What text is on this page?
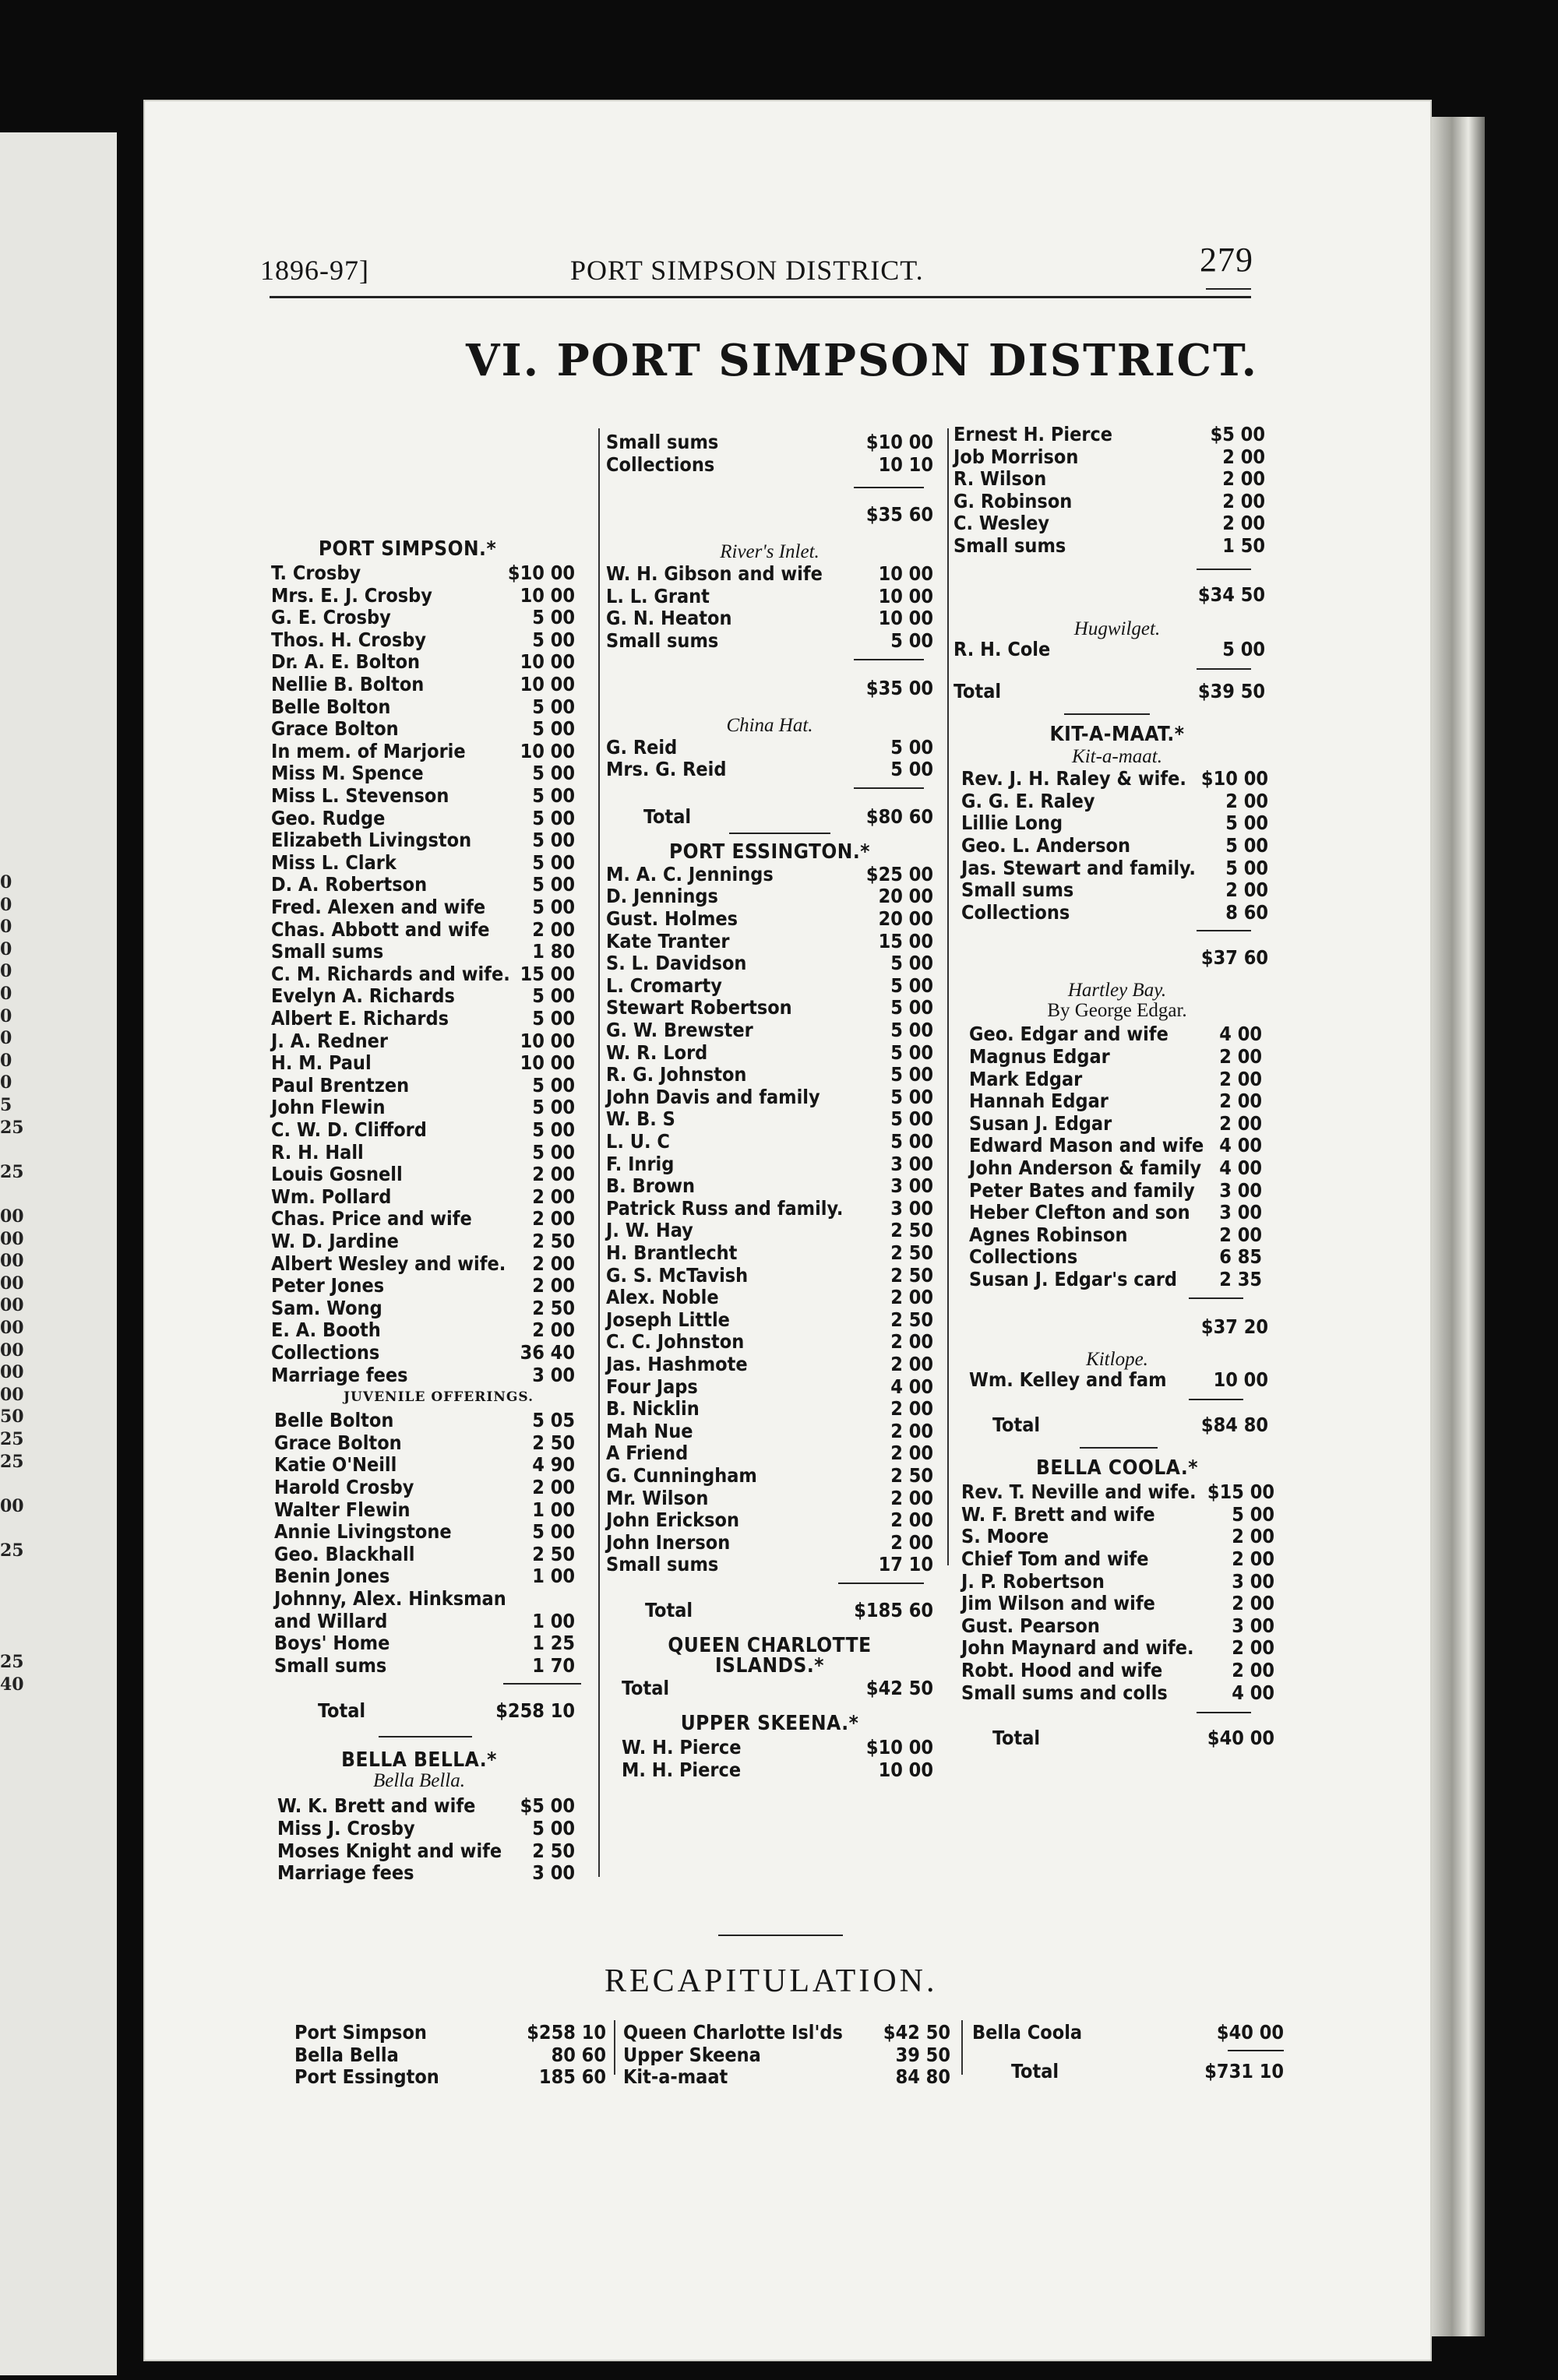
0
0
0
0
0
0
0
0
0
0
5
25
25
00
00
00
00
00
00
00
00
00
50
25
25
00
25
25
40
1896-97]	PORT SIMPSON DISTRICT.	279
VI. PORT SIMPSON DISTRICT.
PORT SIMPSON.*
T. Crosby	$10 00
Mrs. E. J. Crosby	10 00
G. E. Crosby	5 00
Thos. H. Crosby	5 00
Dr. A. E. Bolton	10 00
Nellie B. Bolton	10 00
Belle Bolton	5 00
Grace Bolton	5 00
In mem. of Marjorie	10 00
Miss M. Spence	5 00
Miss L. Stevenson	5 00
Geo. Rudge	5 00
Elizabeth Livingston	5 00
Miss L. Clark	5 00
D. A. Robertson	5 00
Fred. Alexen and wife 5 00
Chas. Abbott and wife 2 00
Small sums	1 80
C. M. Richards and wife. 15 00
Evelyn A. Richards	5 00
Albert E. Richards	5 00
J. A. Redner	10 00
H. M. Paul	10 00
Paul Brentzen	5 00
John Flewin	5 00
C. W. D. Clifford	5 00
R. H. Hall	5 00
Louis Gosnell	2 00
Wm. Pollard	2 00
Chas. Price and wife	2 00
W. D. Jardine	2 50
Albert Wesley and wife. 2 00
Peter Jones	2 00
Sam. Wong	2 50
E. A. Booth	2 00
Collections	36 40
Marriage fees	3 00
JUVENILE OFFERINGS.
Belle Bolton	5 05
Grace Bolton	2 50
Katie O'Neill	4 90
Harold Crosby	2 00
Walter Flewin	1 00
Annie Livingstone	5 00
Geo. Blackhall	2 50
Benin Jones	1 00
Johnny, Alex. Hinksman
and Willard	1 00
Boys' Home	1 25
Small sums	1 70
Total	$258 10
BELLA BELLA.*
Bella Bella.
W. K. Brett and wife $5 00
Miss J. Crosby	5 00
Moses Knight and wife 2 50
Marriage fees	3 00
Small sums	$10 00
Collections	10 10
$35 60
River's Inlet.
W. H. Gibson and wife	10 00
L. L. Grant	10 00
G. N. Heaton	10 00
Small sums	5 00
$35 00
China Hat.
G. Reid	5 00
Mrs. G. Reid	5 00
Total	$80 60
PORT ESSINGTON.*
M. A. C. Jennings	$25 00
D. Jennings	20 00
Gust. Holmes	20 00
Kate Tranter	15 00
S. L. Davidson	5 00
L. Cromarty	5 00
Stewart Robertson	5 00
G. W. Brewster	5 00
W. R. Lord	5 00
R. G. Johnston	5 00
John Davis and family	5 00
W. B. S	5 00
L. U. C	5 00
F. Inrig	3 00
B. Brown	3 00
Patrick Russ and family. 3 00
J. W. Hay	2 50
H. Brantlecht	2 50
G. S. McTavish	2 50
Alex. Noble	2 00
Joseph Little	2 50
C. C. Johnston	2 00
Jas. Hashmote	2 00
Four Japs	4 00
B. Nicklin	2 00
Mah Nue	2 00
A Friend	2 00
G. Cunningham	2 50
Mr. Wilson	2 00
John Erickson	2 00
John Inerson	2 00
Small sums	17 10
Total	$185 60
QUEEN CHARLOTTE
ISLANDS.*
Total	$42 50
UPPER SKEENA.*
W. H. Pierce	$10 00
M. H. Pierce	10 00
Ernest H. Pierce	$5 00
Job Morrison	2 00
R. Wilson	2 00
G. Robinson	2 00
C. Wesley	2 00
Small sums	1 50
$34 50
Hugwilget.
R. H. Cole	5 00
Total	$39 50
KIT-A-MAAT.*
Kit-a-maat.
Rev. J. H. Raley & wife. $10 00
G. G. E. Raley	2 00
Lillie Long	5 00
Geo. L. Anderson	5 00
Jas. Stewart and family. 5 00
Small sums	2 00
Collections	8 60
$37 60
Hartley Bay.
By George Edgar.
Geo. Edgar and wife	4 00
Magnus Edgar	2 00
Mark Edgar	2 00
Hannah Edgar	2 00
Susan J. Edgar	2 00
Edward Mason and wife 4 00
John Anderson & family 4 00
Peter Bates and family 3 00
Heber Clefton and son 3 00
Agnes Robinson	2 00
Collections	6 85
Susan J. Edgar's card 2 35
$37 20
Kitlope.
Wm. Kelley and fam 10 00
Total	$84 80
BELLA COOLA.*
Rev. T. Neville and wife. $15 00
W. F. Brett and wife	5 00
S. Moore	2 00
Chief Tom and wife	2 00
J. P. Robertson	3 00
Jim Wilson and wife	2 00
Gust. Pearson	3 00
John Maynard and wife. 2 00
Robt. Hood and wife	2 00
Small sums and colls	4 00
Total	$40 00
RECAPITULATION.
Port Simpson	$258 10
Bella Bella	80 60
Port Essington	185 60
Queen Charlotte Isl'ds $42 50
Upper Skeena	39 50
Kit-a-maat	84 80
Bella Coola	$40 00
Total	$731 10
